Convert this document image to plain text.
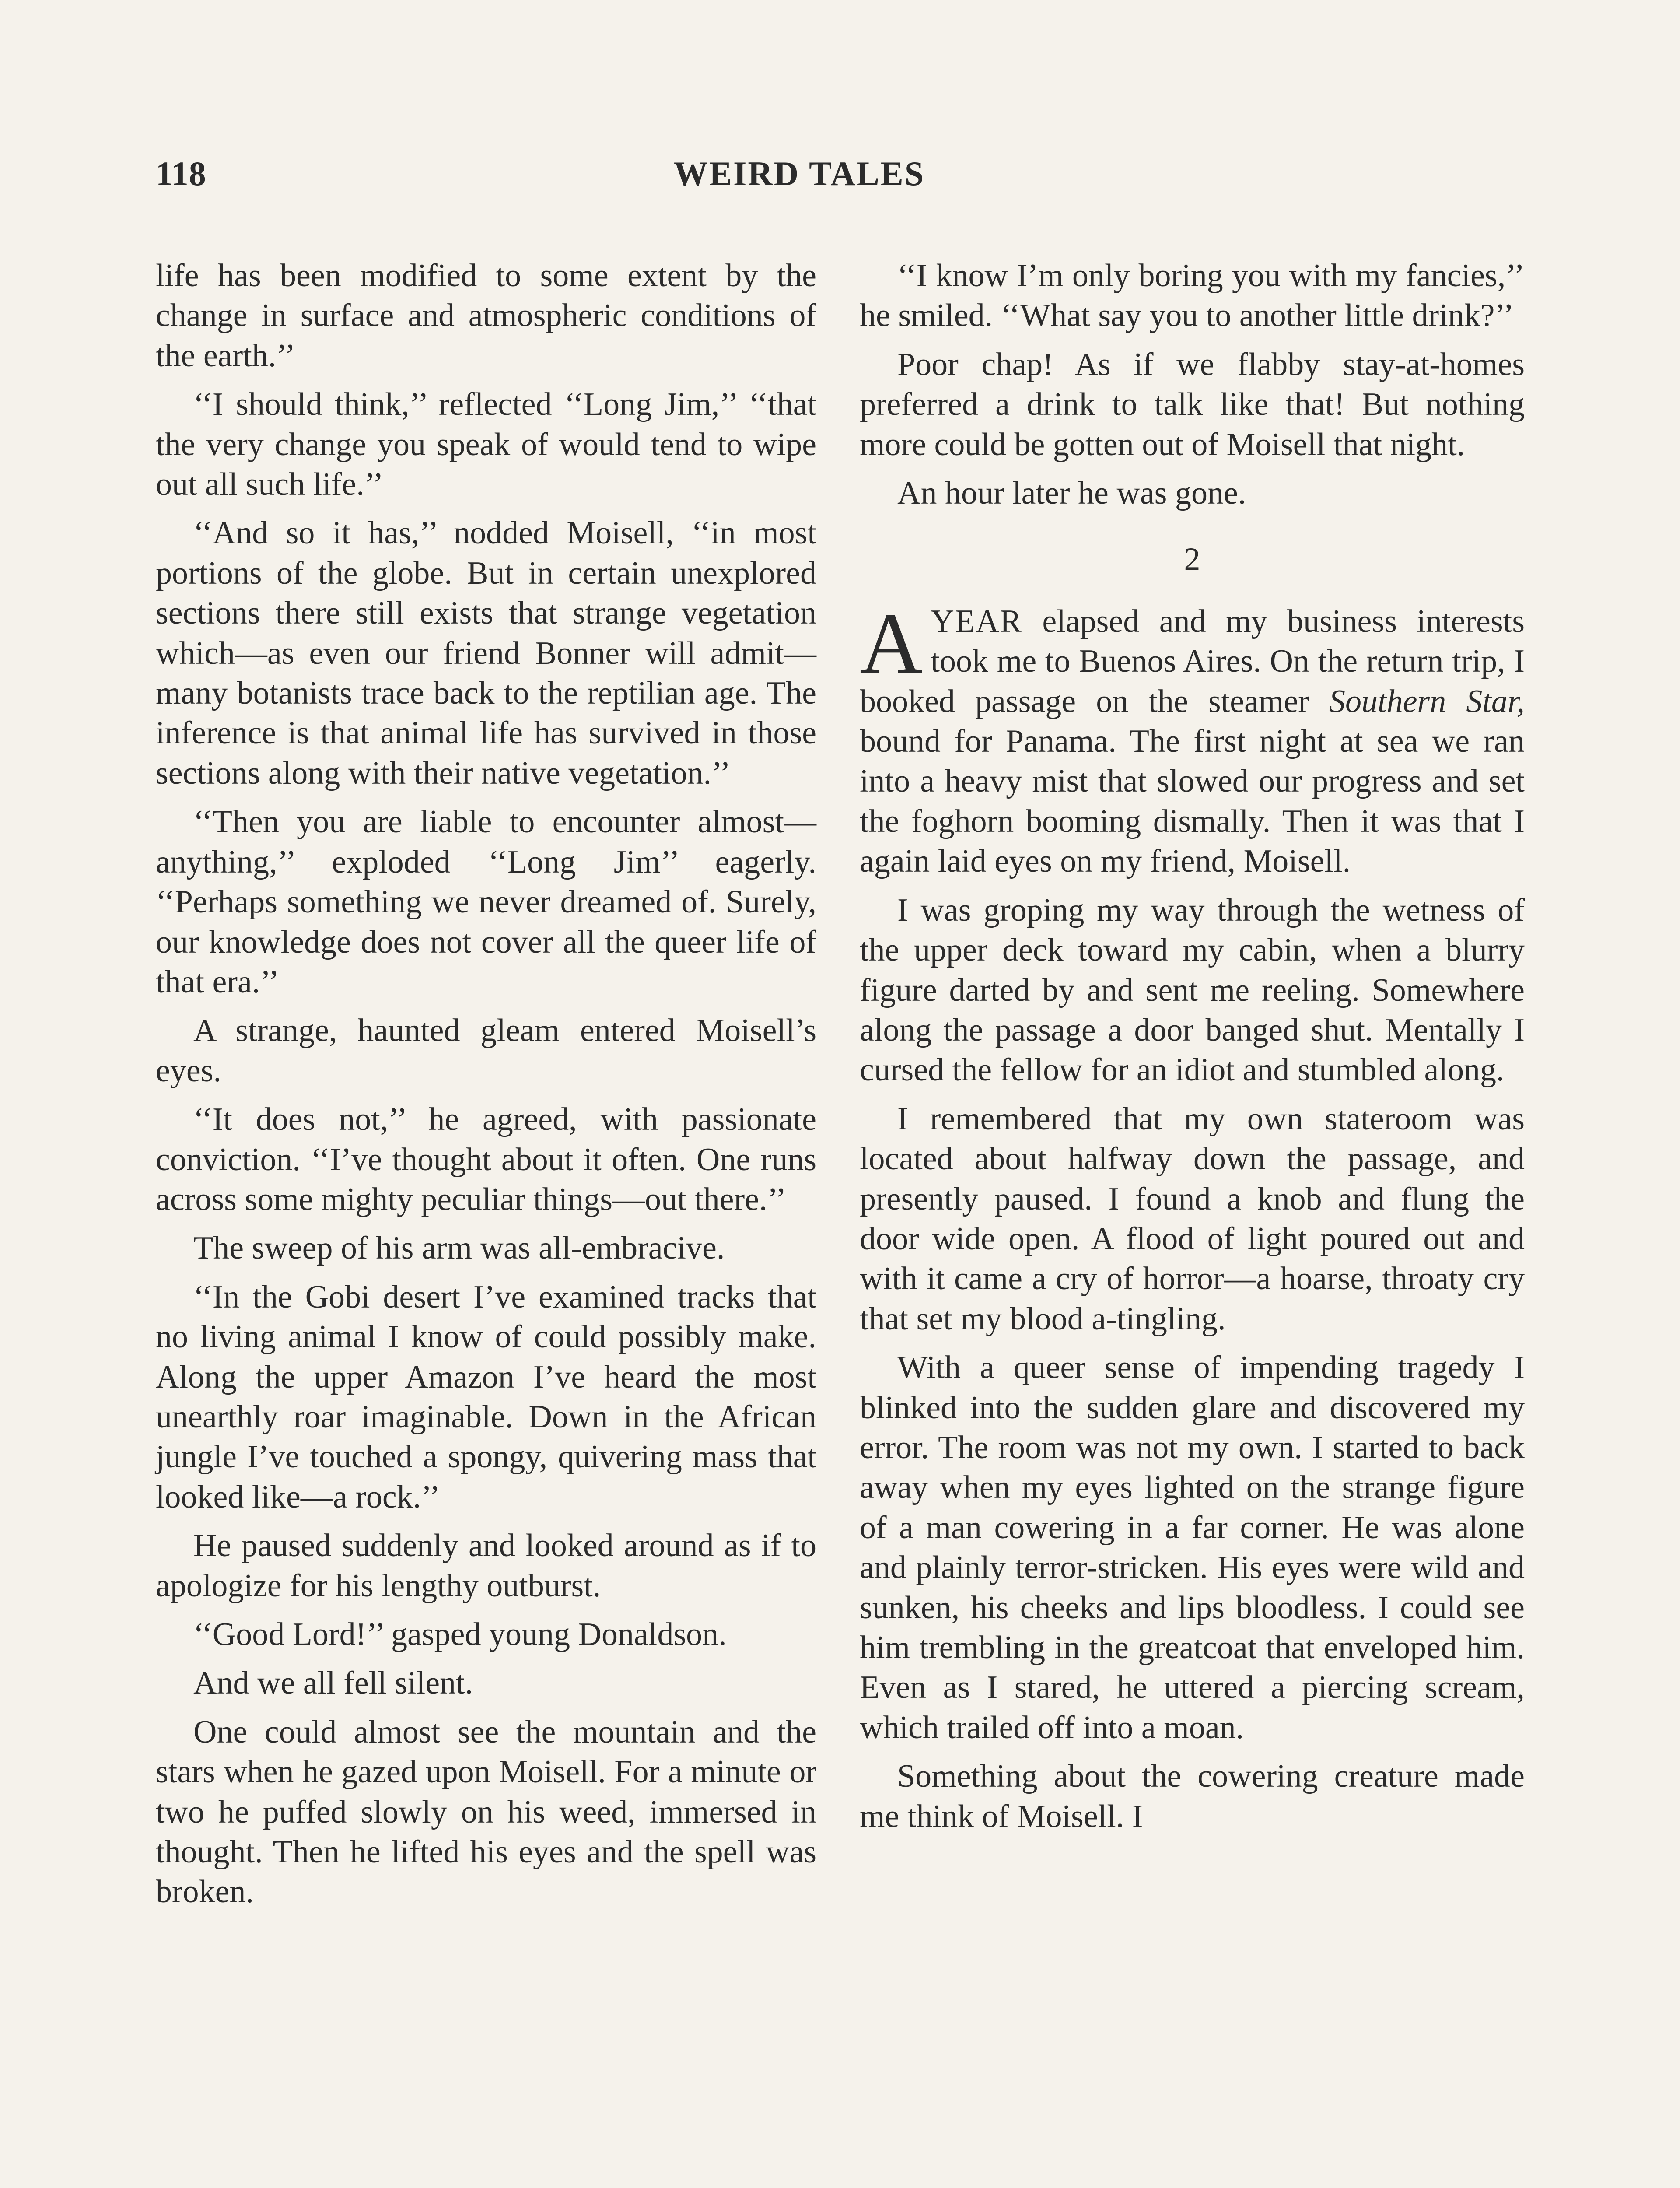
118	WEIRD TALES

life has been modified to some extent by the change in surface and atmospheric conditions of the earth.’’

‘‘I should think,’’ reflected ‘‘Long Jim,’’ ‘‘that the very change you speak of would tend to wipe out all such life.’’

‘‘And so it has,’’ nodded Moisell, ‘‘in most portions of the globe. But in certain unexplored sections there still exists that strange vegetation which—as even our friend Bonner will admit—many botanists trace back to the reptilian age. The inference is that animal life has survived in those sections along with their native vegetation.’’

‘‘Then you are liable to encounter almost—anything,’’ exploded ‘‘Long Jim’’ eagerly. ‘‘Perhaps something we never dreamed of. Surely, our knowledge does not cover all the queer life of that era.’’

A strange, haunted gleam entered Moisell’s eyes.

‘‘It does not,’’ he agreed, with passionate conviction. ‘‘I’ve thought about it often. One runs across some mighty peculiar things—out there.’’

The sweep of his arm was all-embracive.

‘‘In the Gobi desert I’ve examined tracks that no living animal I know of could possibly make. Along the upper Amazon I’ve heard the most unearthly roar imaginable. Down in the African jungle I’ve touched a spongy, quivering mass that looked like—a rock.’’

He paused suddenly and looked around as if to apologize for his lengthy outburst.

‘‘Good Lord!’’ gasped young Donaldson.

And we all fell silent.

One could almost see the mountain and the stars when he gazed upon Moisell. For a minute or two he puffed slowly on his weed, immersed in thought. Then he lifted his eyes and the spell was broken.

‘‘I know I’m only boring you with my fancies,’’ he smiled. ‘‘What say you to another little drink?’’

Poor chap! As if we flabby stay-at-homes preferred a drink to talk like that! But nothing more could be gotten out of Moisell that night.

An hour later he was gone.

2

AYEAR elapsed and my business interests took me to Buenos Aires. On the return trip, I booked passage on the steamer Southern Star, bound for Panama. The first night at sea we ran into a heavy mist that slowed our progress and set the foghorn booming dismally. Then it was that I again laid eyes on my friend, Moisell.

I was groping my way through the wetness of the upper deck toward my cabin, when a blurry figure darted by and sent me reeling. Somewhere along the passage a door banged shut. Mentally I cursed the fellow for an idiot and stumbled along.

I remembered that my own stateroom was located about halfway down the passage, and presently paused. I found a knob and flung the door wide open. A flood of light poured out and with it came a cry of horror—a hoarse, throaty cry that set my blood a-tingling.

With a queer sense of impending tragedy I blinked into the sudden glare and discovered my error. The room was not my own. I started to back away when my eyes lighted on the strange figure of a man cowering in a far corner. He was alone and plainly terror-stricken. His eyes were wild and sunken, his cheeks and lips bloodless. I could see him trembling in the greatcoat that enveloped him. Even as I stared, he uttered a piercing scream, which trailed off into a moan.

Something about the cowering creature made me think of Moisell. I
